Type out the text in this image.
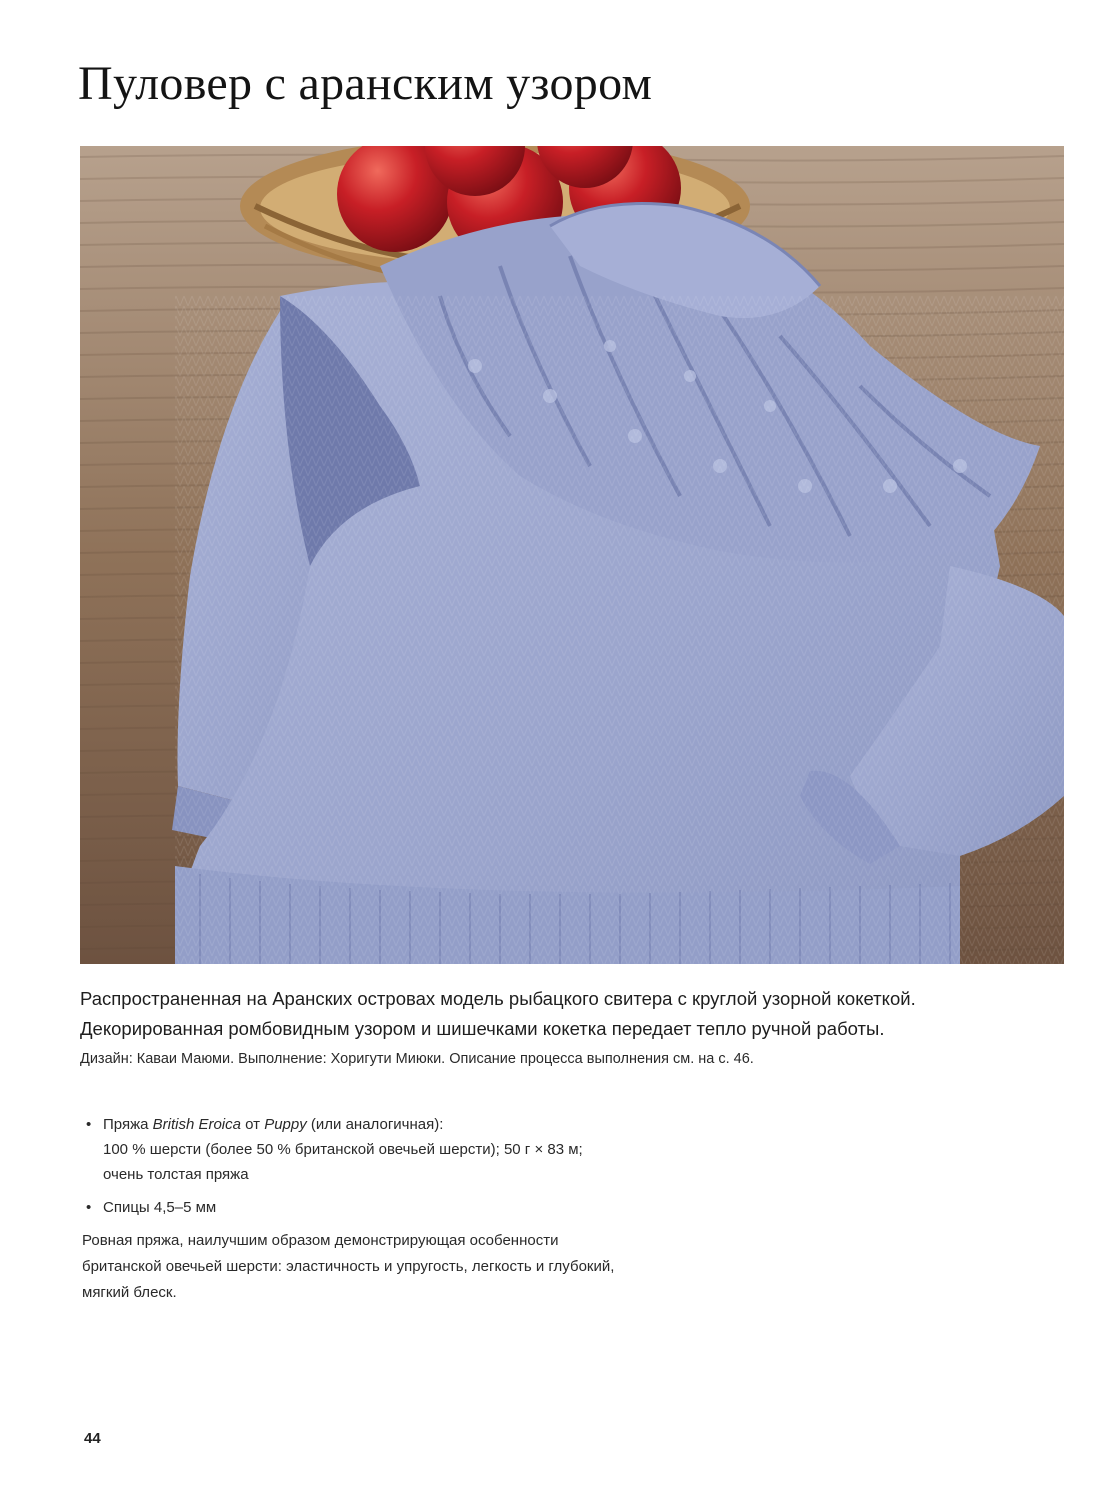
Пуловер с аранским узором

Распространенная на Аранских островах модель рыбацкого свитера с круглой узорной кокеткой.

Декорированная ромбовидным узором и шишечками кокетка передает тепло ручной работы.

Дизайн: Каваи Маюми. Выполнение: Хоригути Миюки. Описание процесса выполнения см. на с. 46.

• Пряжа British Eroica от Puppy (или аналогичная):
100 % шерсти (более 50 % британской овечьей шерсти); 50 г × 83 м;
очень толстая пряжа
• Спицы 4,5–5 мм

Ровная пряжа, наилучшим образом демонстрирующая особенности
британской овечьей шерсти: эластичность и упругость, легкость и глубокий,
мягкий блеск.

44
